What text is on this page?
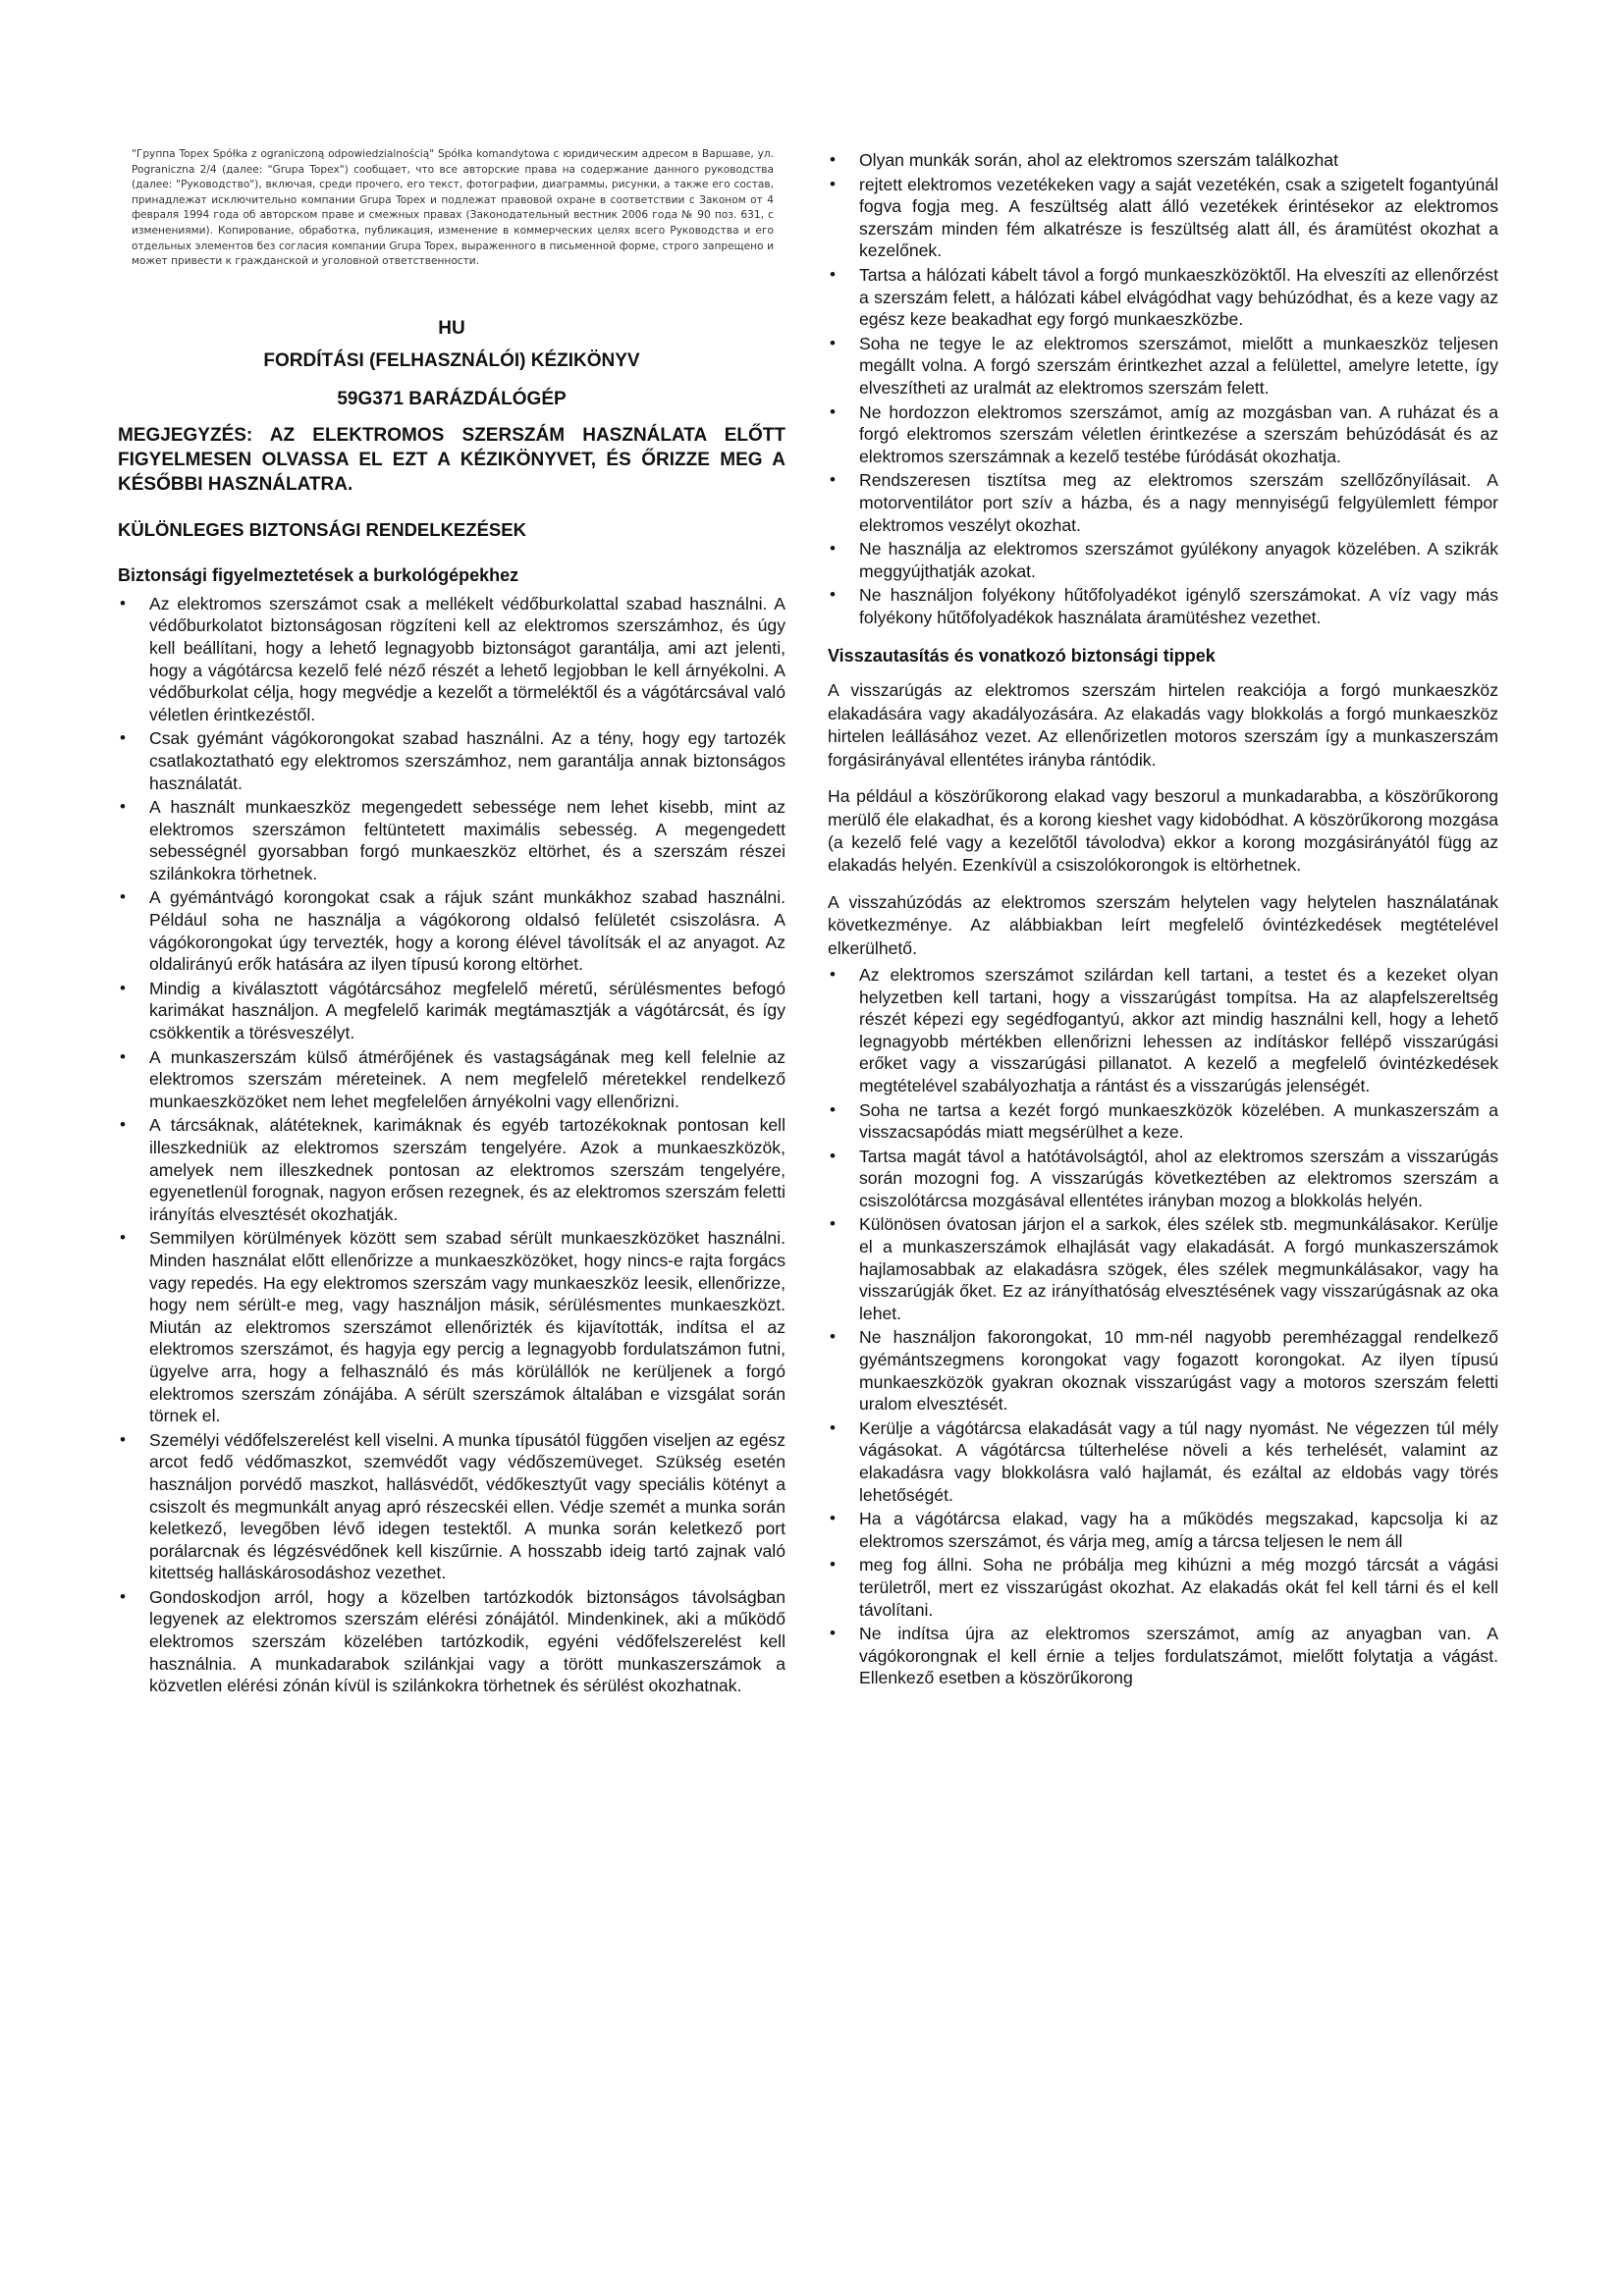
"Группа Topex Spółka z ograniczoną odpowiedzialnością" Spółka komandytowa с юридическим адресом в Варшаве, ул. Pograniczna 2/4 (далее: "Grupa Topex") сообщает, что все авторские права на содержание данного руководства (далее: "Руководство"), включая, среди прочего, его текст, фотографии, диаграммы, рисунки, а также его состав, принадлежат исключительно компании Grupa Topex и подлежат правовой охране в соответствии с Законом от 4 февраля 1994 года об авторском праве и смежных правах (Законодательный вестник 2006 года № 90 поз. 631, с изменениями). Копирование, обработка, публикация, изменение в коммерческих целях всего Руководства и его отдельных элементов без согласия компании Grupa Topex, выраженного в письменной форме, строго запрещено и может привести к гражданской и уголовной ответственности.
HU
FORDÍTÁSI (FELHASZNÁLÓI) KÉZIKÖNYV
59G371 BARÁZDÁLÓGÉP
MEGJEGYZÉS: AZ ELEKTROMOS SZERSZÁM HASZNÁLATA ELŐTT FIGYELMESEN OLVASSA EL EZT A KÉZIKÖNYVET, ÉS ŐRIZZE MEG A KÉSŐBBI HASZNÁLATRA.
KÜLÖNLEGES BIZTONSÁGI RENDELKEZÉSEK
Biztonsági figyelmeztetések a burkológépekhez
• Az elektromos szerszámot csak a mellékelt védőburkolattal szabad használni. A védőburkolatot biztonságosan rögzíteni kell az elektromos szerszámhoz, és úgy kell beállítani, hogy a lehető legnagyobb biztonságot garantálja, ami azt jelenti, hogy a vágótárcsa kezelő felé néző részét a lehető legjobban le kell árnyékolni. A védőburkolat célja, hogy megvédje a kezelőt a törmeléktől és a vágótárcsával való véletlen érintkezéstől.
• Csak gyémánt vágókorongokat szabad használni. Az a tény, hogy egy tartozék csatlakoztatható egy elektromos szerszámhoz, nem garantálja annak biztonságos használatát.
• A használt munkaeszköz megengedett sebessége nem lehet kisebb, mint az elektromos szerszámon feltüntetett maximális sebesség. A megengedett sebességnél gyorsabban forgó munkaeszköz eltörhet, és a szerszám részei szilánkokra törhetnek.
• A gyémántvágó korongokat csak a rájuk szánt munkákhoz szabad használni. Például soha ne használja a vágókorong oldalsó felületét csiszolásra. A vágókorongokat úgy tervezték, hogy a korong élével távolítsák el az anyagot. Az oldalirányú erők hatására az ilyen típusú korong eltörhet.
• Mindig a kiválasztott vágótárcsához megfelelő méretű, sérülésmentes befogó karimákat használjon. A megfelelő karimák megtámasztják a vágótárcsát, és így csökkentik a törésveszélyt.
• A munkaszerszám külső átmérőjének és vastagságának meg kell felelnie az elektromos szerszám méreteinek. A nem megfelelő méretekkel rendelkező munkaeszközöket nem lehet megfelelően árnyékolni vagy ellenőrizni.
• A tárcsáknak, alátéteknek, karimáknak és egyéb tartozékoknak pontosan kell illeszkedniük az elektromos szerszám tengelyére. Azok a munkaeszközök, amelyek nem illeszkednek pontosan az elektromos szerszám tengelyére, egyenetlenül forognak, nagyon erősen rezegnek, és az elektromos szerszám feletti irányítás elvesztését okozhatják.
• Semmilyen körülmények között sem szabad sérült munkaeszközöket használni. Minden használat előtt ellenőrizze a munkaeszközöket, hogy nincs-e rajta forgács vagy repedés. Ha egy elektromos szerszám vagy munkaeszköz leesik, ellenőrizze, hogy nem sérült-e meg, vagy használjon másik, sérülésmentes munkaeszközt. Miután az elektromos szerszámot ellenőrizték és kijavították, indítsa el az elektromos szerszámot, és hagyja egy percig a legnagyobb fordulatszámon futni, ügyelve arra, hogy a felhasználó és más körülállók ne kerüljenek a forgó elektromos szerszám zónájába. A sérült szerszámok általában e vizsgálat során törnek el.
• Személyi védőfelszerelést kell viselni. A munka típusától függően viseljen az egész arcot fedő védőmaszkot, szemvédőt vagy védőszemüveget. Szükség esetén használjon porvédő maszkot, hallásvédőt, védőkesztyűt vagy speciális kötényt a csiszolt és megmunkált anyag apró részecskéi ellen. Védje szemét a munka során keletkező, levegőben lévő idegen testektől. A munka során keletkező port porálarcnak és légzésvédőnek kell kiszűrnie. A hosszabb ideig tartó zajnak való kitettség halláskárosodáshoz vezethet.
• Gondoskodjon arról, hogy a közelben tartózkodók biztonságos távolságban legyenek az elektromos szerszám elérési zónájától. Mindenkinek, aki a működő elektromos szerszám közelében tartózkodik, egyéni védőfelszerelést kell használnia. A munkadarabok szilánkjai vagy a törött munkaszerszámok a közvetlen elérési zónán kívül is szilánkokra törhetnek és sérülést okozhatnak.
• Olyan munkák során, ahol az elektromos szerszám találkozhat
• rejtett elektromos vezetékeken vagy a saját vezetékén, csak a szigetelt fogantyúnál fogva fogja meg. A feszültség alatt álló vezetékek érintésekor az elektromos szerszám minden fém alkatrésze is feszültség alatt áll, és áramütést okozhat a kezelőnek.
• Tartsa a hálózati kábelt távol a forgó munkaeszközöktől. Ha elveszíti az ellenőrzést a szerszám felett, a hálózati kábel elvágódhat vagy behúzódhat, és a keze vagy az egész keze beakadhat egy forgó munkaeszközbe.
• Soha ne tegye le az elektromos szerszámot, mielőtt a munkaeszköz teljesen megállt volna. A forgó szerszám érintkezhet azzal a felülettel, amelyre letette, így elveszítheti az uralmát az elektromos szerszám felett.
• Ne hordozzon elektromos szerszámot, amíg az mozgásban van. A ruházat és a forgó elektromos szerszám véletlen érintkezése a szerszám behúzódását és az elektromos szerszámnak a kezelő testébe fúródását okozhatja.
• Rendszeresen tisztítsa meg az elektromos szerszám szellőzőnyílásait. A motorventilátor port szív a házba, és a nagy mennyiségű felgyülemlett fémpor elektromos veszélyt okozhat.
• Ne használja az elektromos szerszámot gyúlékony anyagok közelében. A szikrák meggyújthatják azokat.
• Ne használjon folyékony hűtőfolyadékot igénylő szerszámokat. A víz vagy más folyékony hűtőfolyadékok használata áramütéshez vezethet.
Visszautasítás és vonatkozó biztonsági tippek

A visszarúgás az elektromos szerszám hirtelen reakciója a forgó munkaeszköz elakadására vagy akadályozására. Az elakadás vagy blokkolás a forgó munkaeszköz hirtelen leállásához vezet. Az ellenőrizetlen motoros szerszám így a munkaszerszám forgásirányával ellentétes irányba rántódik.

Ha például a köszörűkorong elakad vagy beszorul a munkadarabba, a köszörűkorong merülő éle elakadhat, és a korong kieshet vagy kidobódhat. A köszörűkorong mozgása (a kezelő felé vagy a kezelőtől távolodva) ekkor a korong mozgásirányától függ az elakadás helyén. Ezenkívül a csiszolókorongok is eltörhetnek.

A visszahúzódás az elektromos szerszám helytelen vagy helytelen használatának következménye. Az alábbiakban leírt megfelelő óvintézkedések megtételével elkerülhető.

• Az elektromos szerszámot szilárdan kell tartani, a testet és a kezeket olyan helyzetben kell tartani, hogy a visszarúgást tompítsa. Ha az alapfelszereltség részét képezi egy segédfogantyú, akkor azt mindig használni kell, hogy a lehető legnagyobb mértékben ellenőrizni lehessen az indításkor fellépő visszarúgási erőket vagy a visszarúgási pillanatot. A kezelő a megfelelő óvintézkedések megtételével szabályozhatja a rántást és a visszarúgás jelenségét.
• Soha ne tartsa a kezét forgó munkaeszközök közelében. A munkaszerszám a visszacsapódás miatt megsérülhet a keze.
• Tartsa magát távol a hatótávolságtól, ahol az elektromos szerszám a visszarúgás során mozogni fog. A visszarúgás következtében az elektromos szerszám a csiszolótárcsa mozgásával ellentétes irányban mozog a blokkolás helyén.
• Különösen óvatosan járjon el a sarkok, éles szélek stb. megmunkálásakor. Kerülje el a munkaszerszámok elhajlását vagy elakadását. A forgó munkaszerszámok hajlamosabbak az elakadásra szögek, éles szélek megmunkálásakor, vagy ha visszarúgják őket. Ez az irányíthatóság elvesztésének vagy visszarúgásnak az oka lehet.
• Ne használjon fakorongokat, 10 mm-nél nagyobb peremhézaggal rendelkező gyémántszegmens korongokat vagy fogazott korongokat. Az ilyen típusú munkaeszközök gyakran okoznak visszarúgást vagy a motoros szerszám feletti uralom elvesztését.
• Kerülje a vágótárcsa elakadását vagy a túl nagy nyomást. Ne végezzen túl mély vágásokat. A vágótárcsa túlterhelése növeli a kés terhelését, valamint az elakadásra vagy blokkolásra való hajlamát, és ezáltal az eldobás vagy törés lehetőségét.
• Ha a vágótárcsa elakad, vagy ha a működés megszakad, kapcsolja ki az elektromos szerszámot, és várja meg, amíg a tárcsa teljesen le nem áll
• meg fog állni. Soha ne próbálja meg kihúzni a még mozgó tárcsát a vágási területről, mert ez visszarúgást okozhat. Az elakadás okát fel kell tárni és el kell távolítani.
• Ne indítsa újra az elektromos szerszámot, amíg az anyagban van. A vágókorongnak el kell érnie a teljes fordulatszámot, mielőtt folytatja a vágást. Ellenkező esetben a köszörűkorong
